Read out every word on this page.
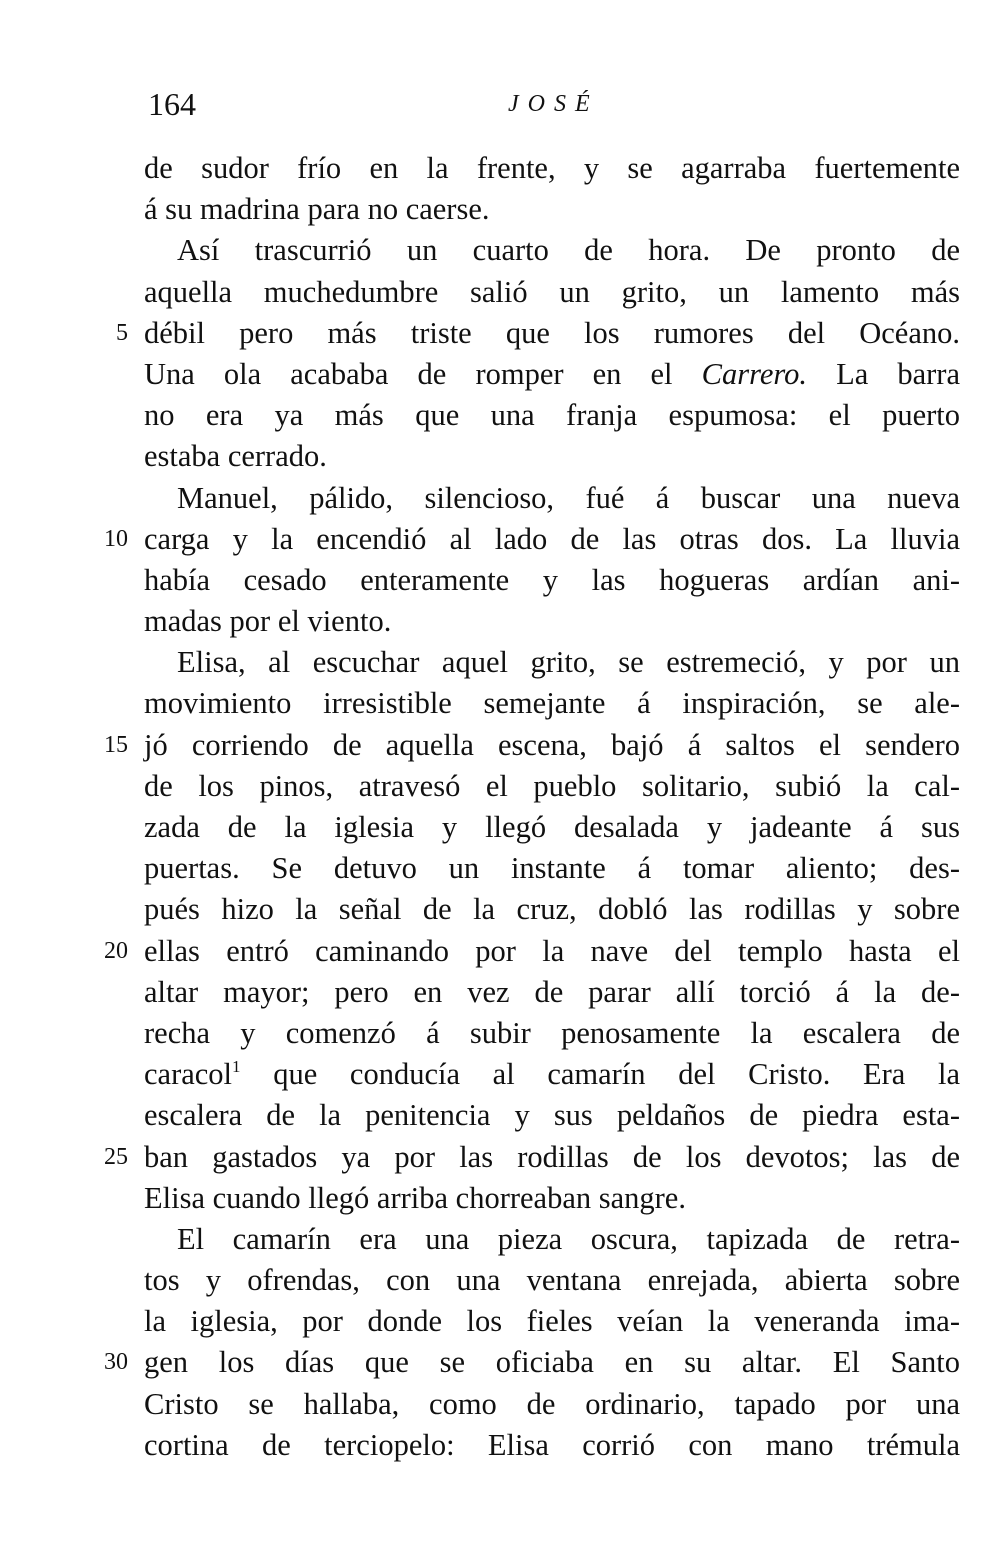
164	JOSÉ
de sudor frío en la frente, y se agarraba fuertemente
á su madrina para no caerse.
Así trascurrió un cuarto de hora. De pronto de
aquella muchedumbre salió un grito, un lamento más
5 débil pero más triste que los rumores del Océano.
Una ola acababa de romper en el Carrero. La barra
no era ya más que una franja espumosa: el puerto
estaba cerrado.
Manuel, pálido, silencioso, fué á buscar una nueva
10 carga y la encendió al lado de las otras dos. La lluvia
había cesado enteramente y las hogueras ardían ani-
madas por el viento.
Elisa, al escuchar aquel grito, se estremeció, y por un
movimiento irresistible semejante á inspiración, se ale-
15 jó corriendo de aquella escena, bajó á saltos el sendero
de los pinos, atravesó el pueblo solitario, subió la cal-
zada de la iglesia y llegó desalada y jadeante á sus
puertas. Se detuvo un instante á tomar aliento; des-
pués hizo la señal de la cruz, dobló las rodillas y sobre
20 ellas entró caminando por la nave del templo hasta el
altar mayor; pero en vez de parar allí torció á la de-
recha y comenzó á subir penosamente la escalera de
caracol$^1$ que conducía al camarín del Cristo. Era la
escalera de la penitencia y sus peldaños de piedra esta-
25 ban gastados ya por las rodillas de los devotos; las de
Elisa cuando llegó arriba chorreaban sangre.
El camarín era una pieza oscura, tapizada de retra-
tos y ofrendas, con una ventana enrejada, abierta sobre
la iglesia, por donde los fieles veían la veneranda ima-
30 gen los días que se oficiaba en su altar. El Santo
Cristo se hallaba, como de ordinario, tapado por una
cortina de terciopelo: Elisa corrió con mano trémula
